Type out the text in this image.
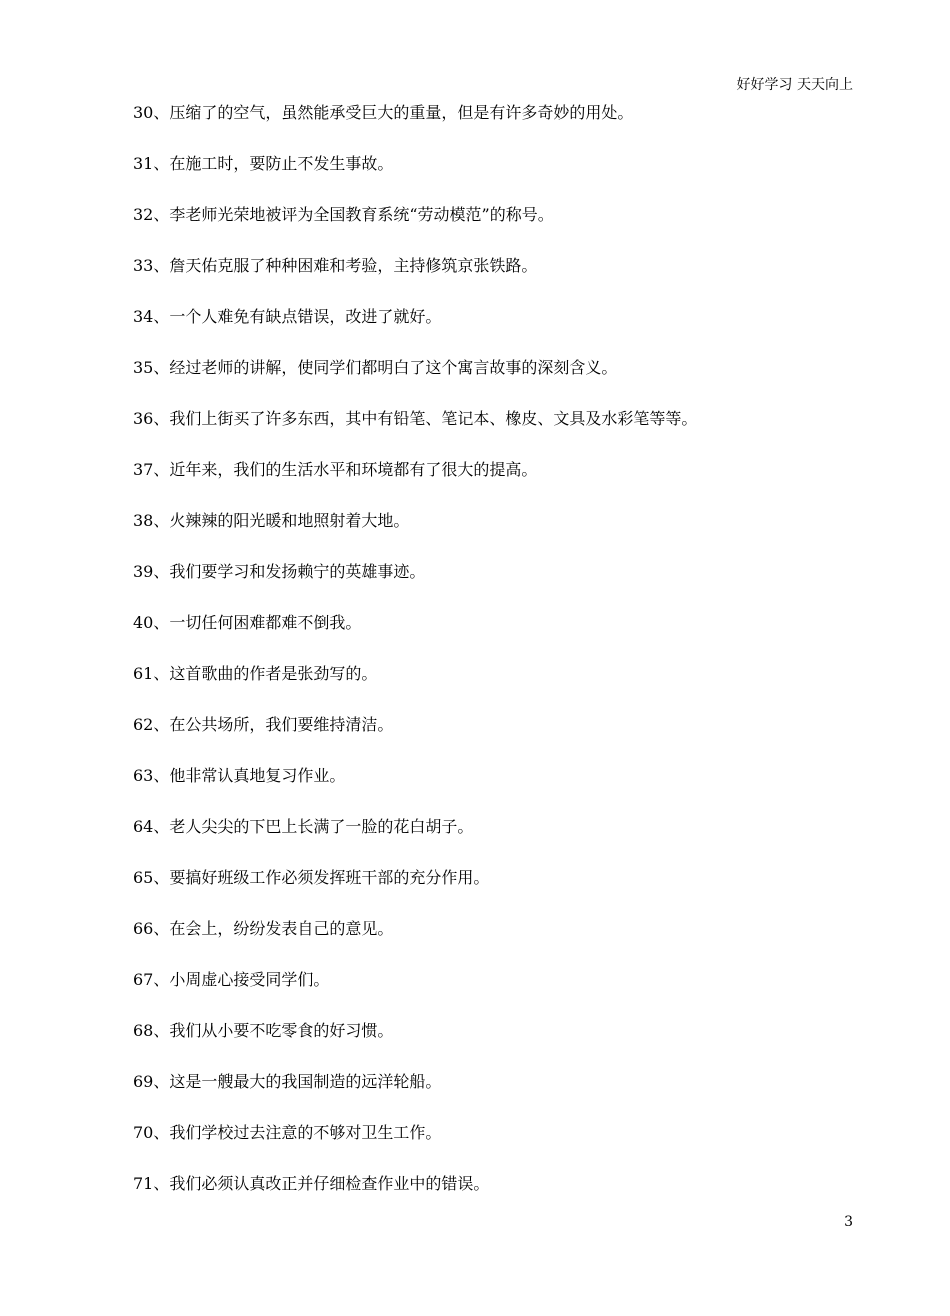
好好学习 天天向上
30、压缩了的空气，虽然能承受巨大的重量，但是有许多奇妙的用处。
31、在施工时，要防止不发生事故。
32、李老师光荣地被评为全国教育系统“劳动模范”的称号。
33、詹天佑克服了种种困难和考验，主持修筑京张铁路。
34、一个人难免有缺点错误，改进了就好。
35、经过老师的讲解，使同学们都明白了这个寓言故事的深刻含义。
36、我们上街买了许多东西，其中有铅笔、笔记本、橡皮、文具及水彩笔等等。
37、近年来，我们的生活水平和环境都有了很大的提高。
38、火辣辣的阳光暖和地照射着大地。
39、我们要学习和发扬赖宁的英雄事迹。
40、一切任何困难都难不倒我。
61、这首歌曲的作者是张劲写的。
62、在公共场所，我们要维持清洁。
63、他非常认真地复习作业。
64、老人尖尖的下巴上长满了一脸的花白胡子。
65、要搞好班级工作必须发挥班干部的充分作用。
66、在会上，纷纷发表自己的意见。
67、小周虚心接受同学们。
68、我们从小要不吃零食的好习惯。
69、这是一艘最大的我国制造的远洋轮船。
70、我们学校过去注意的不够对卫生工作。
71、我们必须认真改正并仔细检查作业中的错误。
3
